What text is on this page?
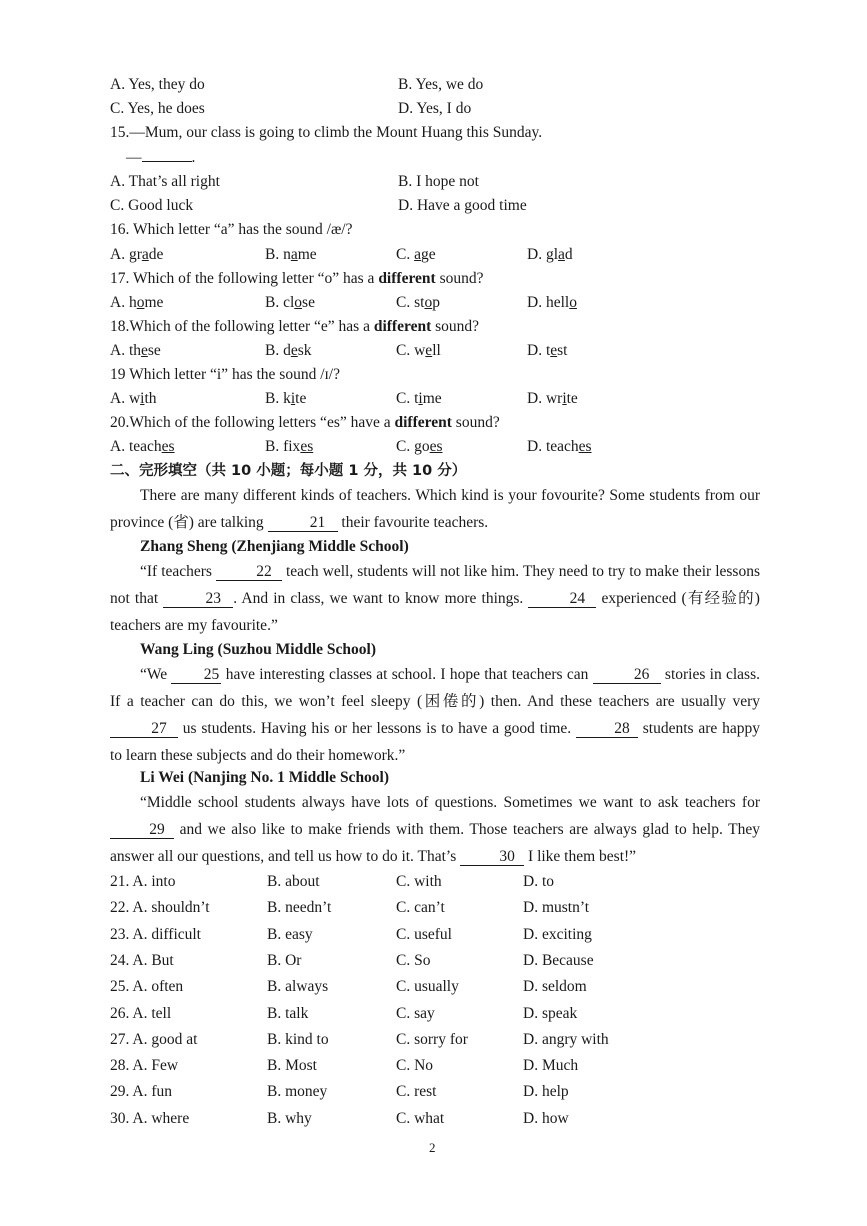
A. Yes, they do	B. Yes, we do
C. Yes, he does	D. Yes, I do
15.—Mum, our class is going to climb the Mount Huang this Sunday.
—	.
A. That’s all right	B. I hope not
C. Good luck	D. Have a good time
16. Which letter “a” has the sound /æ/?
A. grade	B. name	C. age	D. glad
17. Which of the following letter “o” has a different sound?
A. home	B. close	C. stop	D. hello
18.Which of the following letter “e” has a different sound?
A. these	B. desk	C. well	D. test
19 Which letter “i” has the sound /ɪ/?
A. with	B. kite	C. time	D. write
20.Which of the following letters “es” have a different sound?
A. teaches	B. fixes	C. goes	D. teaches
二、完形填空（共 10 小题；每小题 1 分，共 10 分）
There are many different kinds of teachers. Which kind is your fovourite? Some students from our province (省) are talking	21 their favourite teachers.
Zhang Sheng (Zhenjiang Middle School)
“If teachers	22 teach well, students will not like him. They need to try to make their lessons not that	23 . And in class, we want to know more things.	24 experienced (有经验的) teachers are my favourite.”
Wang Ling (Suzhou Middle School)
“We 25 have interesting classes at school. I hope that teachers can	26 stories in class. If a teacher can do this, we won’t feel sleepy (困倦的) then. And these teachers are usually very 27 us students. Having his or her lessons is to have a good time. 28 students are happy to learn these subjects and do their homework.”
Li Wei (Nanjing No. 1 Middle School)
“Middle school students always have lots of questions. Sometimes we want to ask teachers for 29 and we also like to make friends with them. Those teachers are always glad to help. They answer all our questions, and tell us how to do it. That’s	30 I like them best!”
21. A. into	B. about	C. with	D. to
22. A. shouldn’t	B. needn’t	C. can’t	D. mustn’t
23. A. difficult	B. easy	C. useful	D. exciting
24. A. But	B. Or	C. So	D. Because
25. A. often	B. always	C. usually	D. seldom
26. A. tell	B. talk	C. say	D. speak
27. A. good at	B. kind to	C. sorry for	D. angry with
28. A. Few	B. Most	C. No	D. Much
29. A. fun	B. money	C. rest	D. help
30. A. where	B. why	C. what	D. how
2
